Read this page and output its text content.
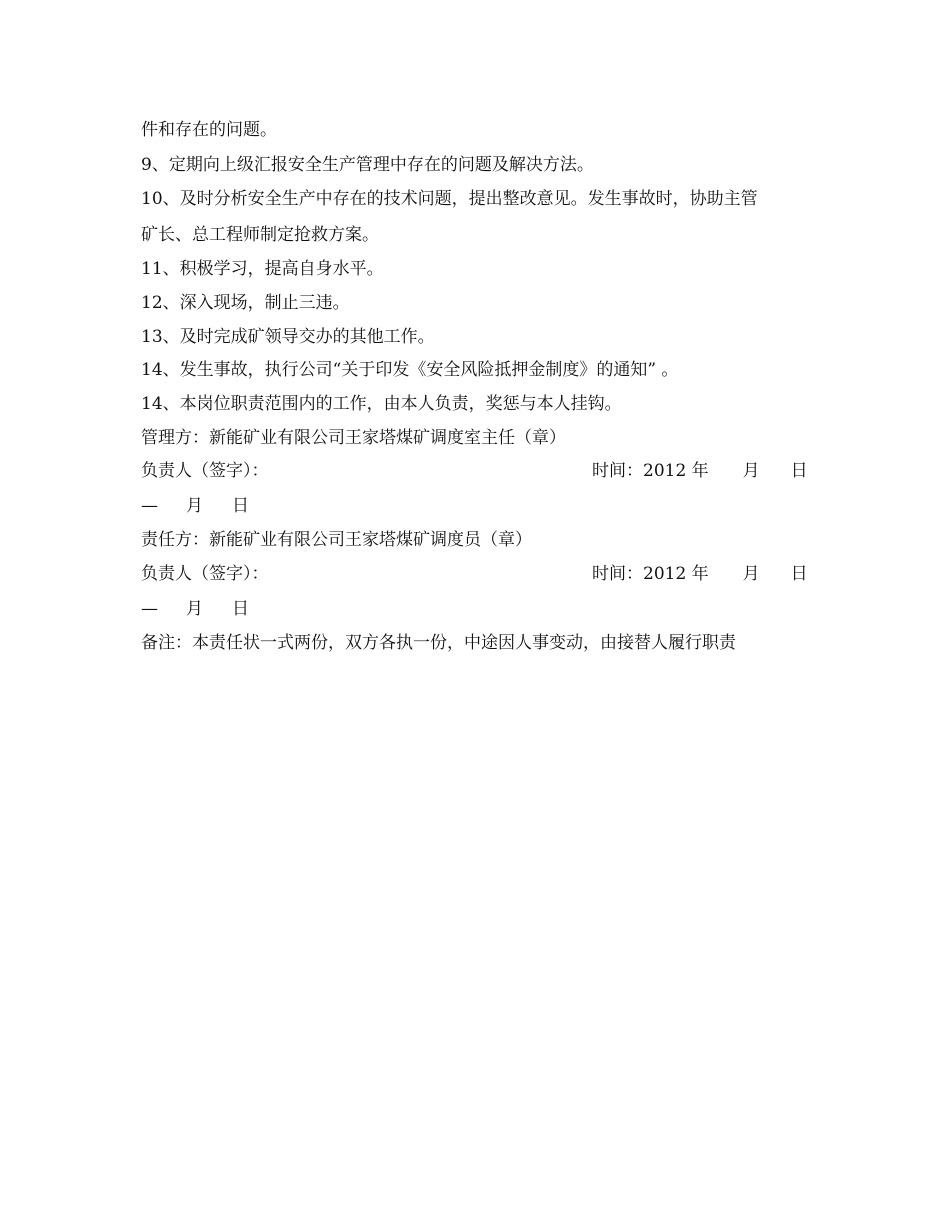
件和存在的问题。
9、定期向上级汇报安全生产管理中存在的问题及解决方法。
10、及时分析安全生产中存在的技术问题，提出整改意见。发生事故时，协助主管
矿长、总工程师制定抢救方案。
11、积极学习，提高自身水平。
12、深入现场，制止三违。
13、及时完成矿领导交办的其他工作。
14、发生事故，执行公司“关于印发《安全风险抵押金制度》的通知” 。
14、本岗位职责范围内的工作，由本人负责，奖惩与本人挂钩。
管理方：新能矿业有限公司王家塔煤矿调度室主任（章）
负责人（签字）：	时间：2012 年 月 日
— 月 日
责任方：新能矿业有限公司王家塔煤矿调度员（章）
负责人（签字）：	时间：2012 年 月 日
— 月 日
备注：本责任状一式两份，双方各执一份，中途因人事变动，由接替人履行职责
